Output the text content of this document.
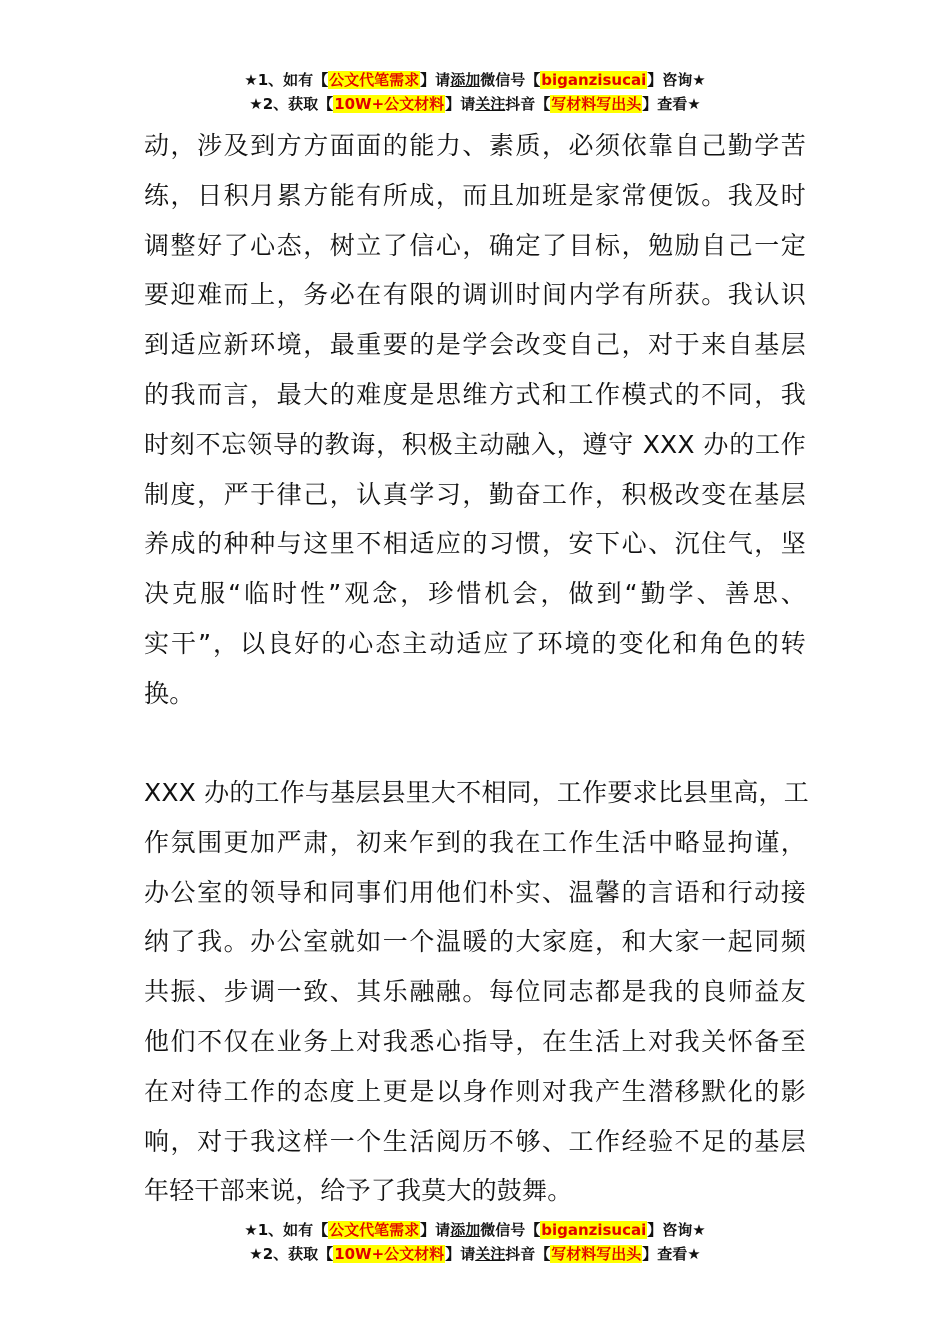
★1、如有【公文代笔需求】请添加微信号【biganzisucai】咨询★
★2、获取【10W+公文材料】请关注抖音【写材料写出头】查看★
动，涉及到方方面面的能力、素质，必须依靠自己勤学苦
练，日积月累方能有所成，而且加班是家常便饭。我及时
调整好了心态，树立了信心，确定了目标，勉励自己一定
要迎难而上，务必在有限的调训时间内学有所获。我认识
到适应新环境，最重要的是学会改变自己，对于来自基层
的我而言，最大的难度是思维方式和工作模式的不同，我
时刻不忘领导的教诲，积极主动融入，遵守 XXX 办的工作
制度，严于律己，认真学习，勤奋工作，积极改变在基层
养成的种种与这里不相适应的习惯，安下心、沉住气，坚
决克服“临时性”观念，珍惜机会，做到“勤学、善思、
实干”，以良好的心态主动适应了环境的变化和角色的转
换。
XXX 办的工作与基层县里大不相同，工作要求比县里高，工
作氛围更加严肃，初来乍到的我在工作生活中略显拘谨，
办公室的领导和同事们用他们朴实、温馨的言语和行动接
纳了我。办公室就如一个温暖的大家庭，和大家一起同频
共振、步调一致、其乐融融。每位同志都是我的良师益友
他们不仅在业务上对我悉心指导，在生活上对我关怀备至
在对待工作的态度上更是以身作则对我产生潜移默化的影
响，对于我这样一个生活阅历不够、工作经验不足的基层
年轻干部来说，给予了我莫大的鼓舞。
★1、如有【公文代笔需求】请添加微信号【biganzisucai】咨询★
★2、获取【10W+公文材料】请关注抖音【写材料写出头】查看★
